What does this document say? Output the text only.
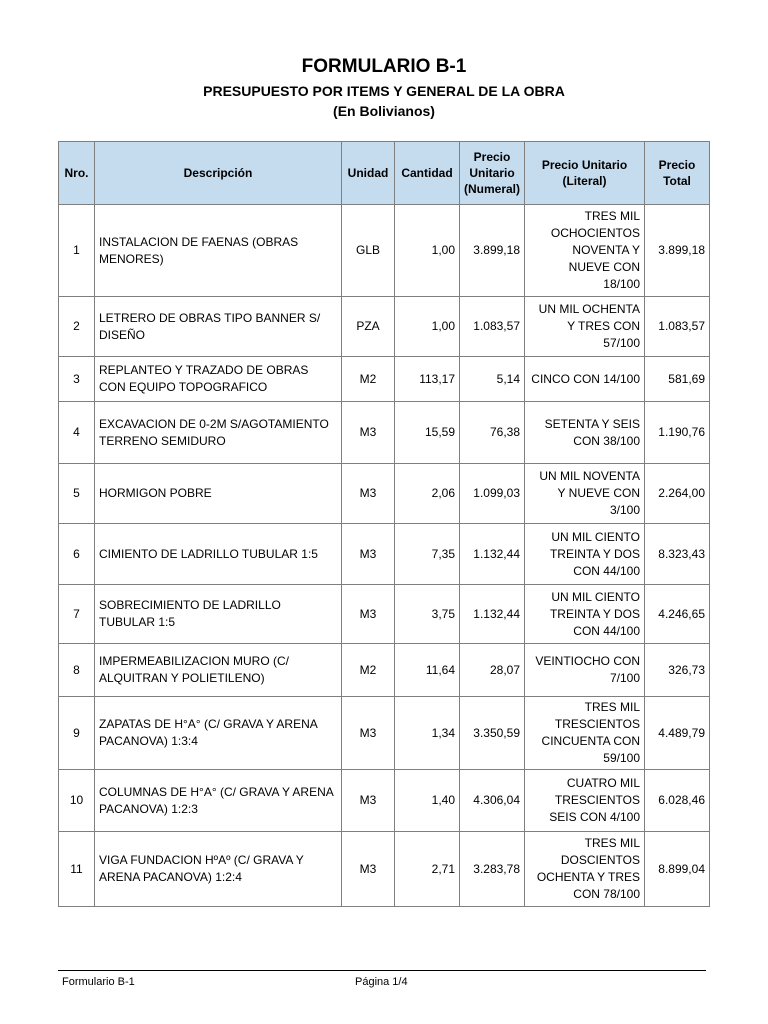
FORMULARIO B-1
PRESUPUESTO POR ITEMS Y GENERAL DE LA OBRA
(En Bolivianos)
Nro.	Descripción	Unidad	Cantidad	Precio Unitario (Numeral)	Precio Unitario (Literal)	Precio Total
1	INSTALACION DE FAENAS (OBRAS MENORES)	GLB	1,00	3.899,18	TRES MIL OCHOCIENTOS NOVENTA Y NUEVE CON 18/100	3.899,18
2	LETRERO DE OBRAS TIPO BANNER S/ DISEÑO	PZA	1,00	1.083,57	UN MIL OCHENTA Y TRES CON 57/100	1.083,57
3	REPLANTEO Y TRAZADO DE OBRAS CON EQUIPO TOPOGRAFICO	M2	113,17	5,14	CINCO CON 14/100	581,69
4	EXCAVACION DE 0-2M S/AGOTAMIENTO TERRENO SEMIDURO	M3	15,59	76,38	SETENTA Y SEIS CON 38/100	1.190,76
5	HORMIGON POBRE	M3	2,06	1.099,03	UN MIL NOVENTA Y NUEVE CON 3/100	2.264,00
6	CIMIENTO DE LADRILLO TUBULAR 1:5	M3	7,35	1.132,44	UN MIL CIENTO TREINTA Y DOS CON 44/100	8.323,43
7	SOBRECIMIENTO DE LADRILLO TUBULAR 1:5	M3	3,75	1.132,44	UN MIL CIENTO TREINTA Y DOS CON 44/100	4.246,65
8	IMPERMEABILIZACION MURO (C/ ALQUITRAN Y POLIETILENO)	M2	11,64	28,07	VEINTIOCHO CON 7/100	326,73
9	ZAPATAS DE H°A° (C/ GRAVA Y ARENA PACANOVA) 1:3:4	M3	1,34	3.350,59	TRES MIL TRESCIENTOS CINCUENTA CON 59/100	4.489,79
10	COLUMNAS DE H°A° (C/ GRAVA Y ARENA PACANOVA) 1:2:3	M3	1,40	4.306,04	CUATRO MIL TRESCIENTOS SEIS CON 4/100	6.028,46
11	VIGA FUNDACION HºAº (C/ GRAVA Y ARENA PACANOVA) 1:2:4	M3	2,71	3.283,78	TRES MIL DOSCIENTOS OCHENTA Y TRES CON 78/100	8.899,04
Formulario B-1	Página 1/4
